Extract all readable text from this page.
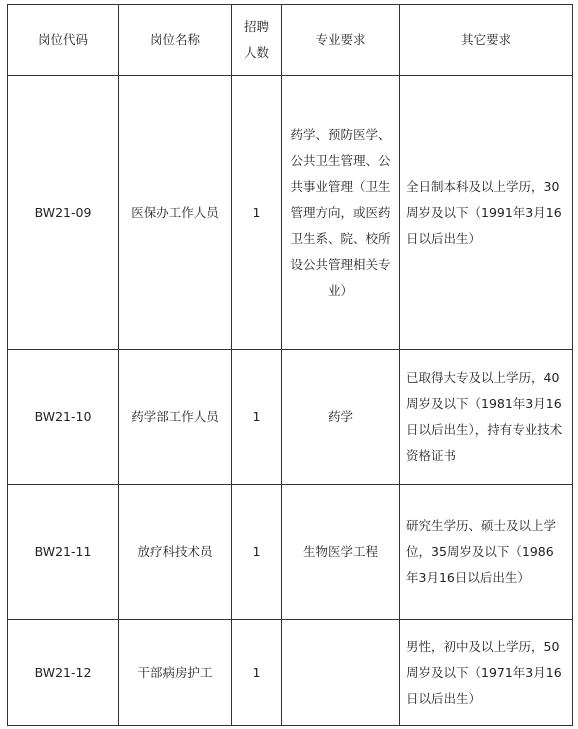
岗位代码	岗位名称	招聘人数	专业要求	其它要求
BW21-09	医保办工作人员	1	药学、预防医学、公共卫生管理、公共事业管理（卫生管理方向，或医药卫生系、院、校所设公共管理相关专业）	全日制本科及以上学历，30周岁及以下（1991年3月16日以后出生）
BW21-10	药学部工作人员	1	药学	已取得大专及以上学历，40周岁及以下（1981年3月16日以后出生），持有专业技术资格证书
BW21-11	放疗科技术员	1	生物医学工程	研究生学历、硕士及以上学位，35周岁及以下（1986年3月16日以后出生）
BW21-12	干部病房护工	1		男性，初中及以上学历，50周岁及以下（1971年3月16日以后出生）
